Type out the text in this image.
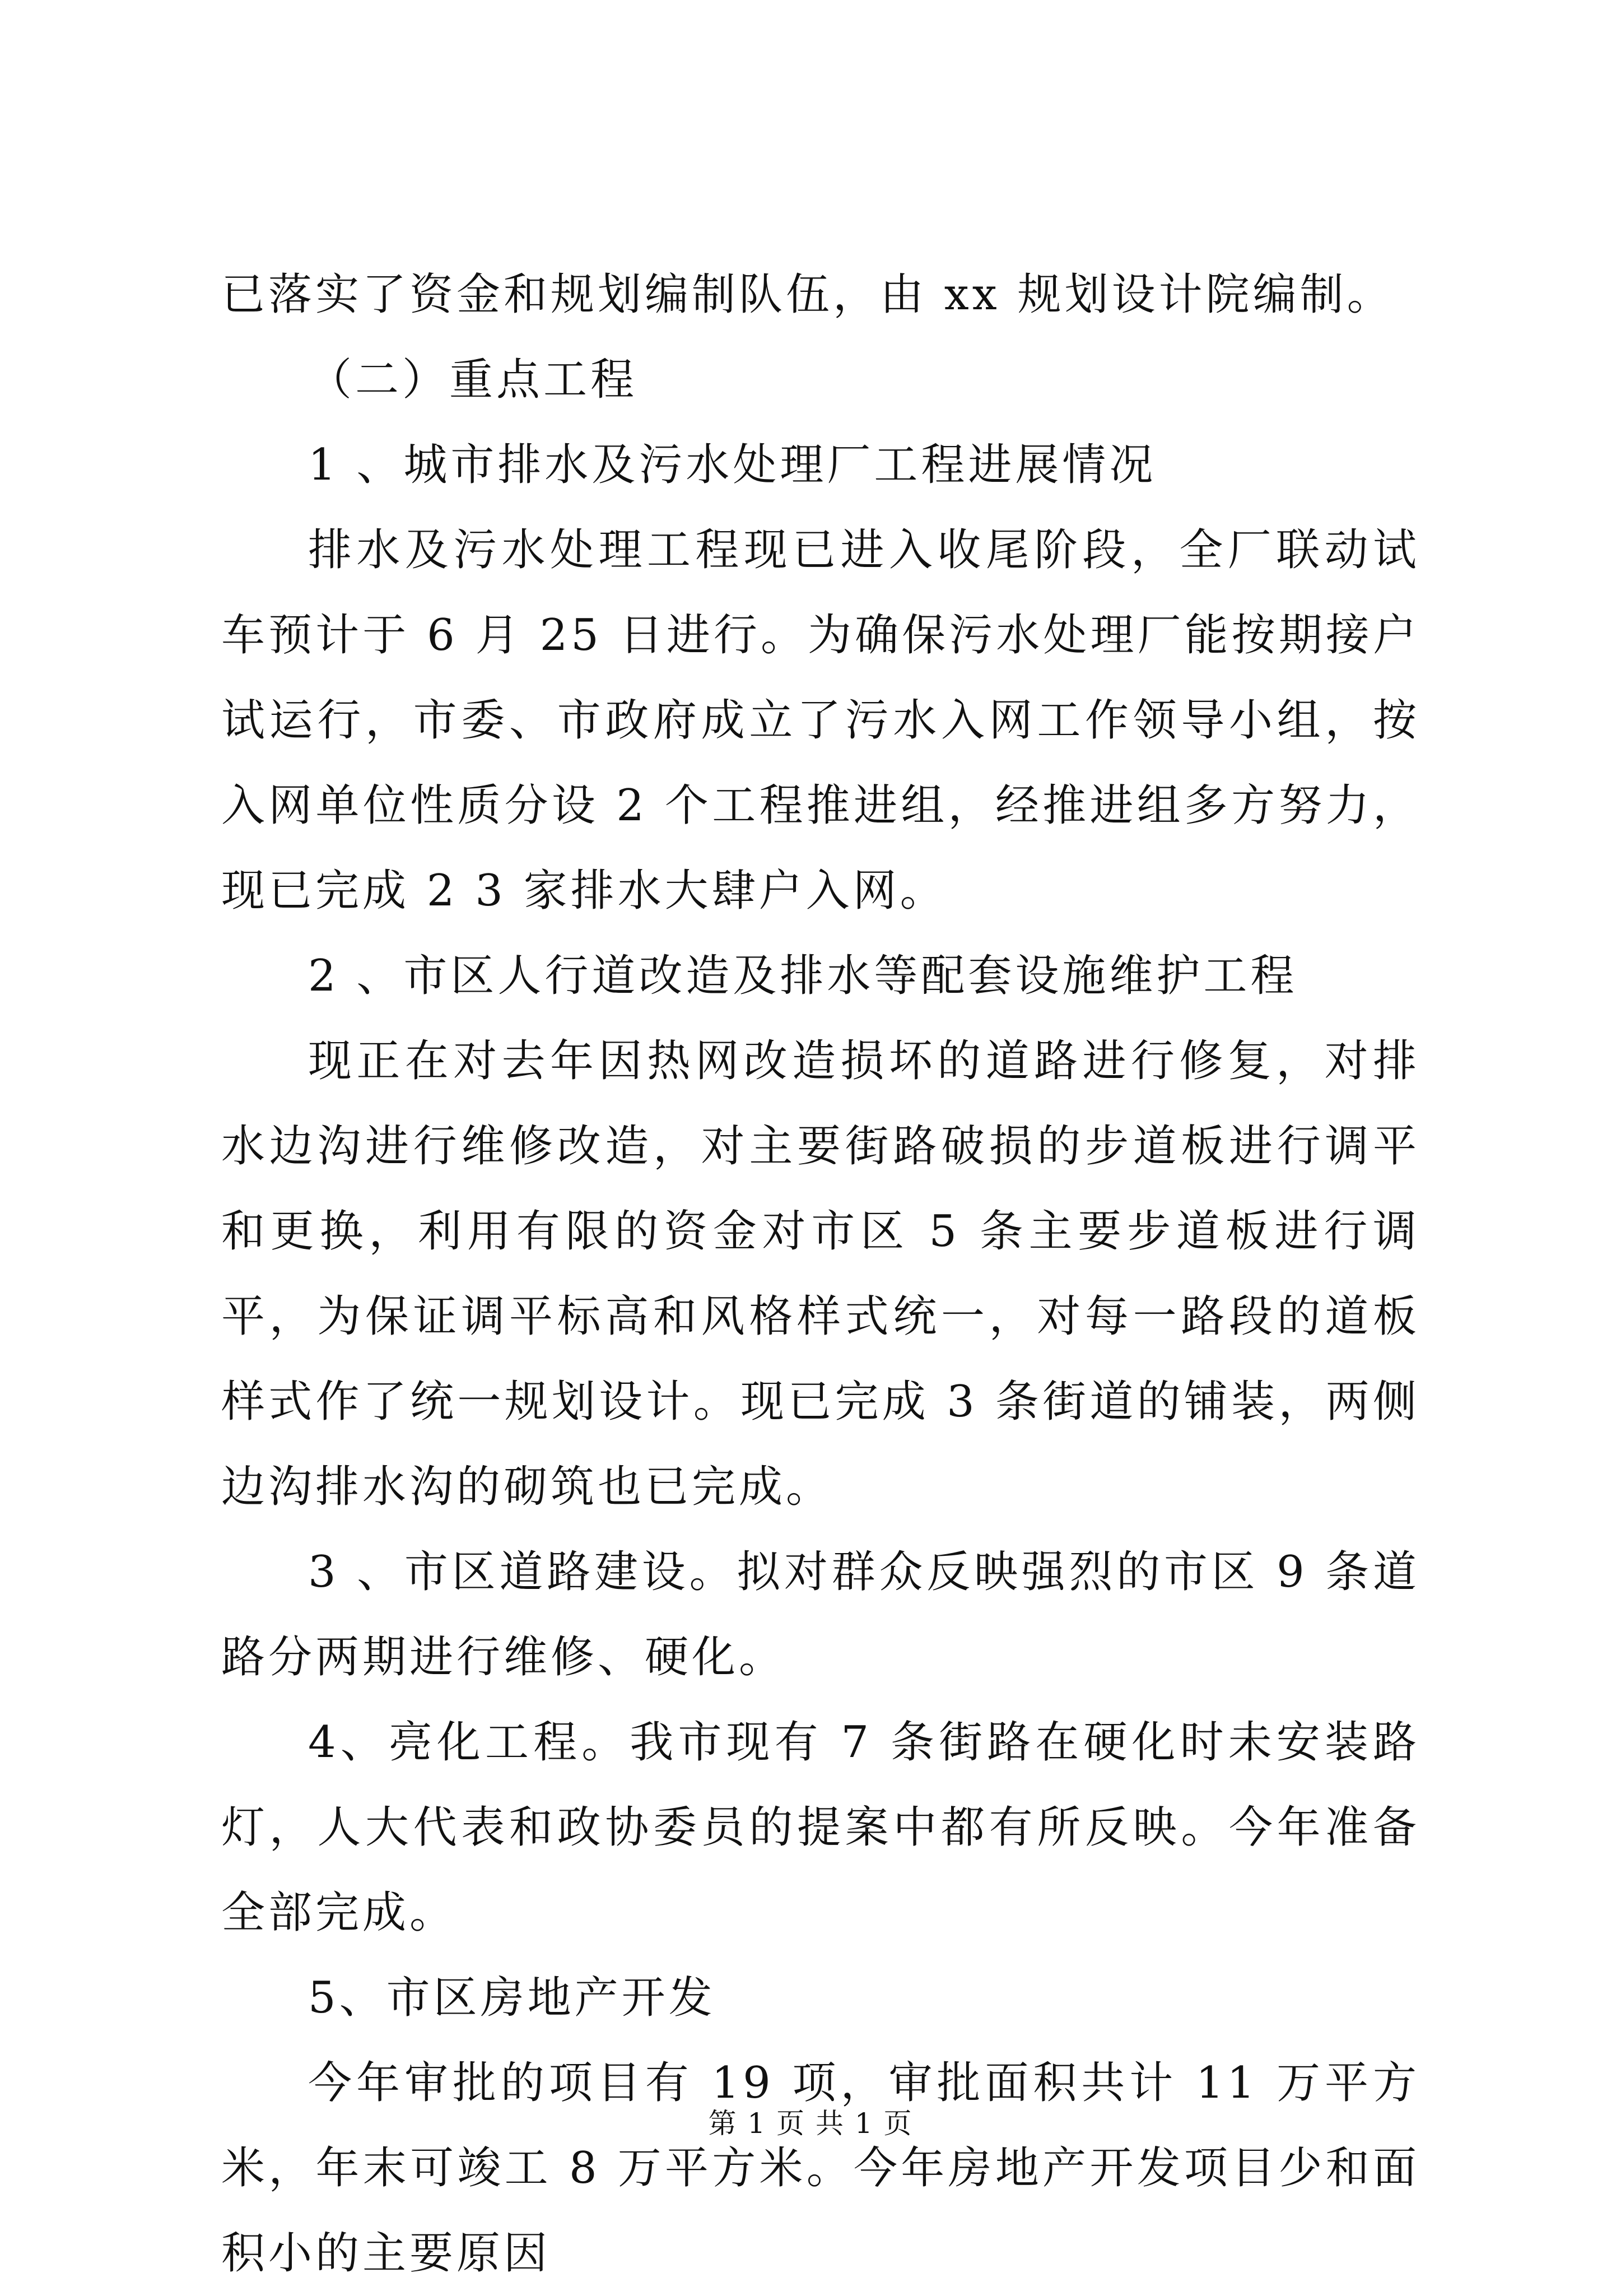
已落实了资金和规划编制队伍，由 xx 规划设计院编制。

（二）重点工程

1 、城市排水及污水处理厂工程进展情况

排水及污水处理工程现已进入收尾阶段，全厂联动试车预计于 6 月 25 日进行。为确保污水处理厂能按期接户试运行，市委、市政府成立了污水入网工作领导小组，按入网单位性质分设 2 个工程推进组，经推进组多方努力，现已完成 2 3 家排水大肆户入网。

2 、市区人行道改造及排水等配套设施维护工程

现正在对去年因热网改造损坏的道路进行修复，对排水边沟进行维修改造，对主要街路破损的步道板进行调平和更换，利用有限的资金对市区 5 条主要步道板进行调平，为保证调平标高和风格样式统一，对每一路段的道板样式作了统一规划设计。现已完成 3 条街道的铺装，两侧边沟排水沟的砌筑也已完成。

3 、市区道路建设。拟对群众反映强烈的市区 9 条道路分两期进行维修、硬化。

4、亮化工程。我市现有 7 条街路在硬化时未安装路灯，人大代表和政协委员的提案中都有所反映。今年准备全部完成。

5、市区房地产开发

今年审批的项目有 19 项，审批面积共计 11 万平方米，年末可竣工 8 万平方米。今年房地产开发项目少和面积小的主要原因

第 1 页 共 1 页
